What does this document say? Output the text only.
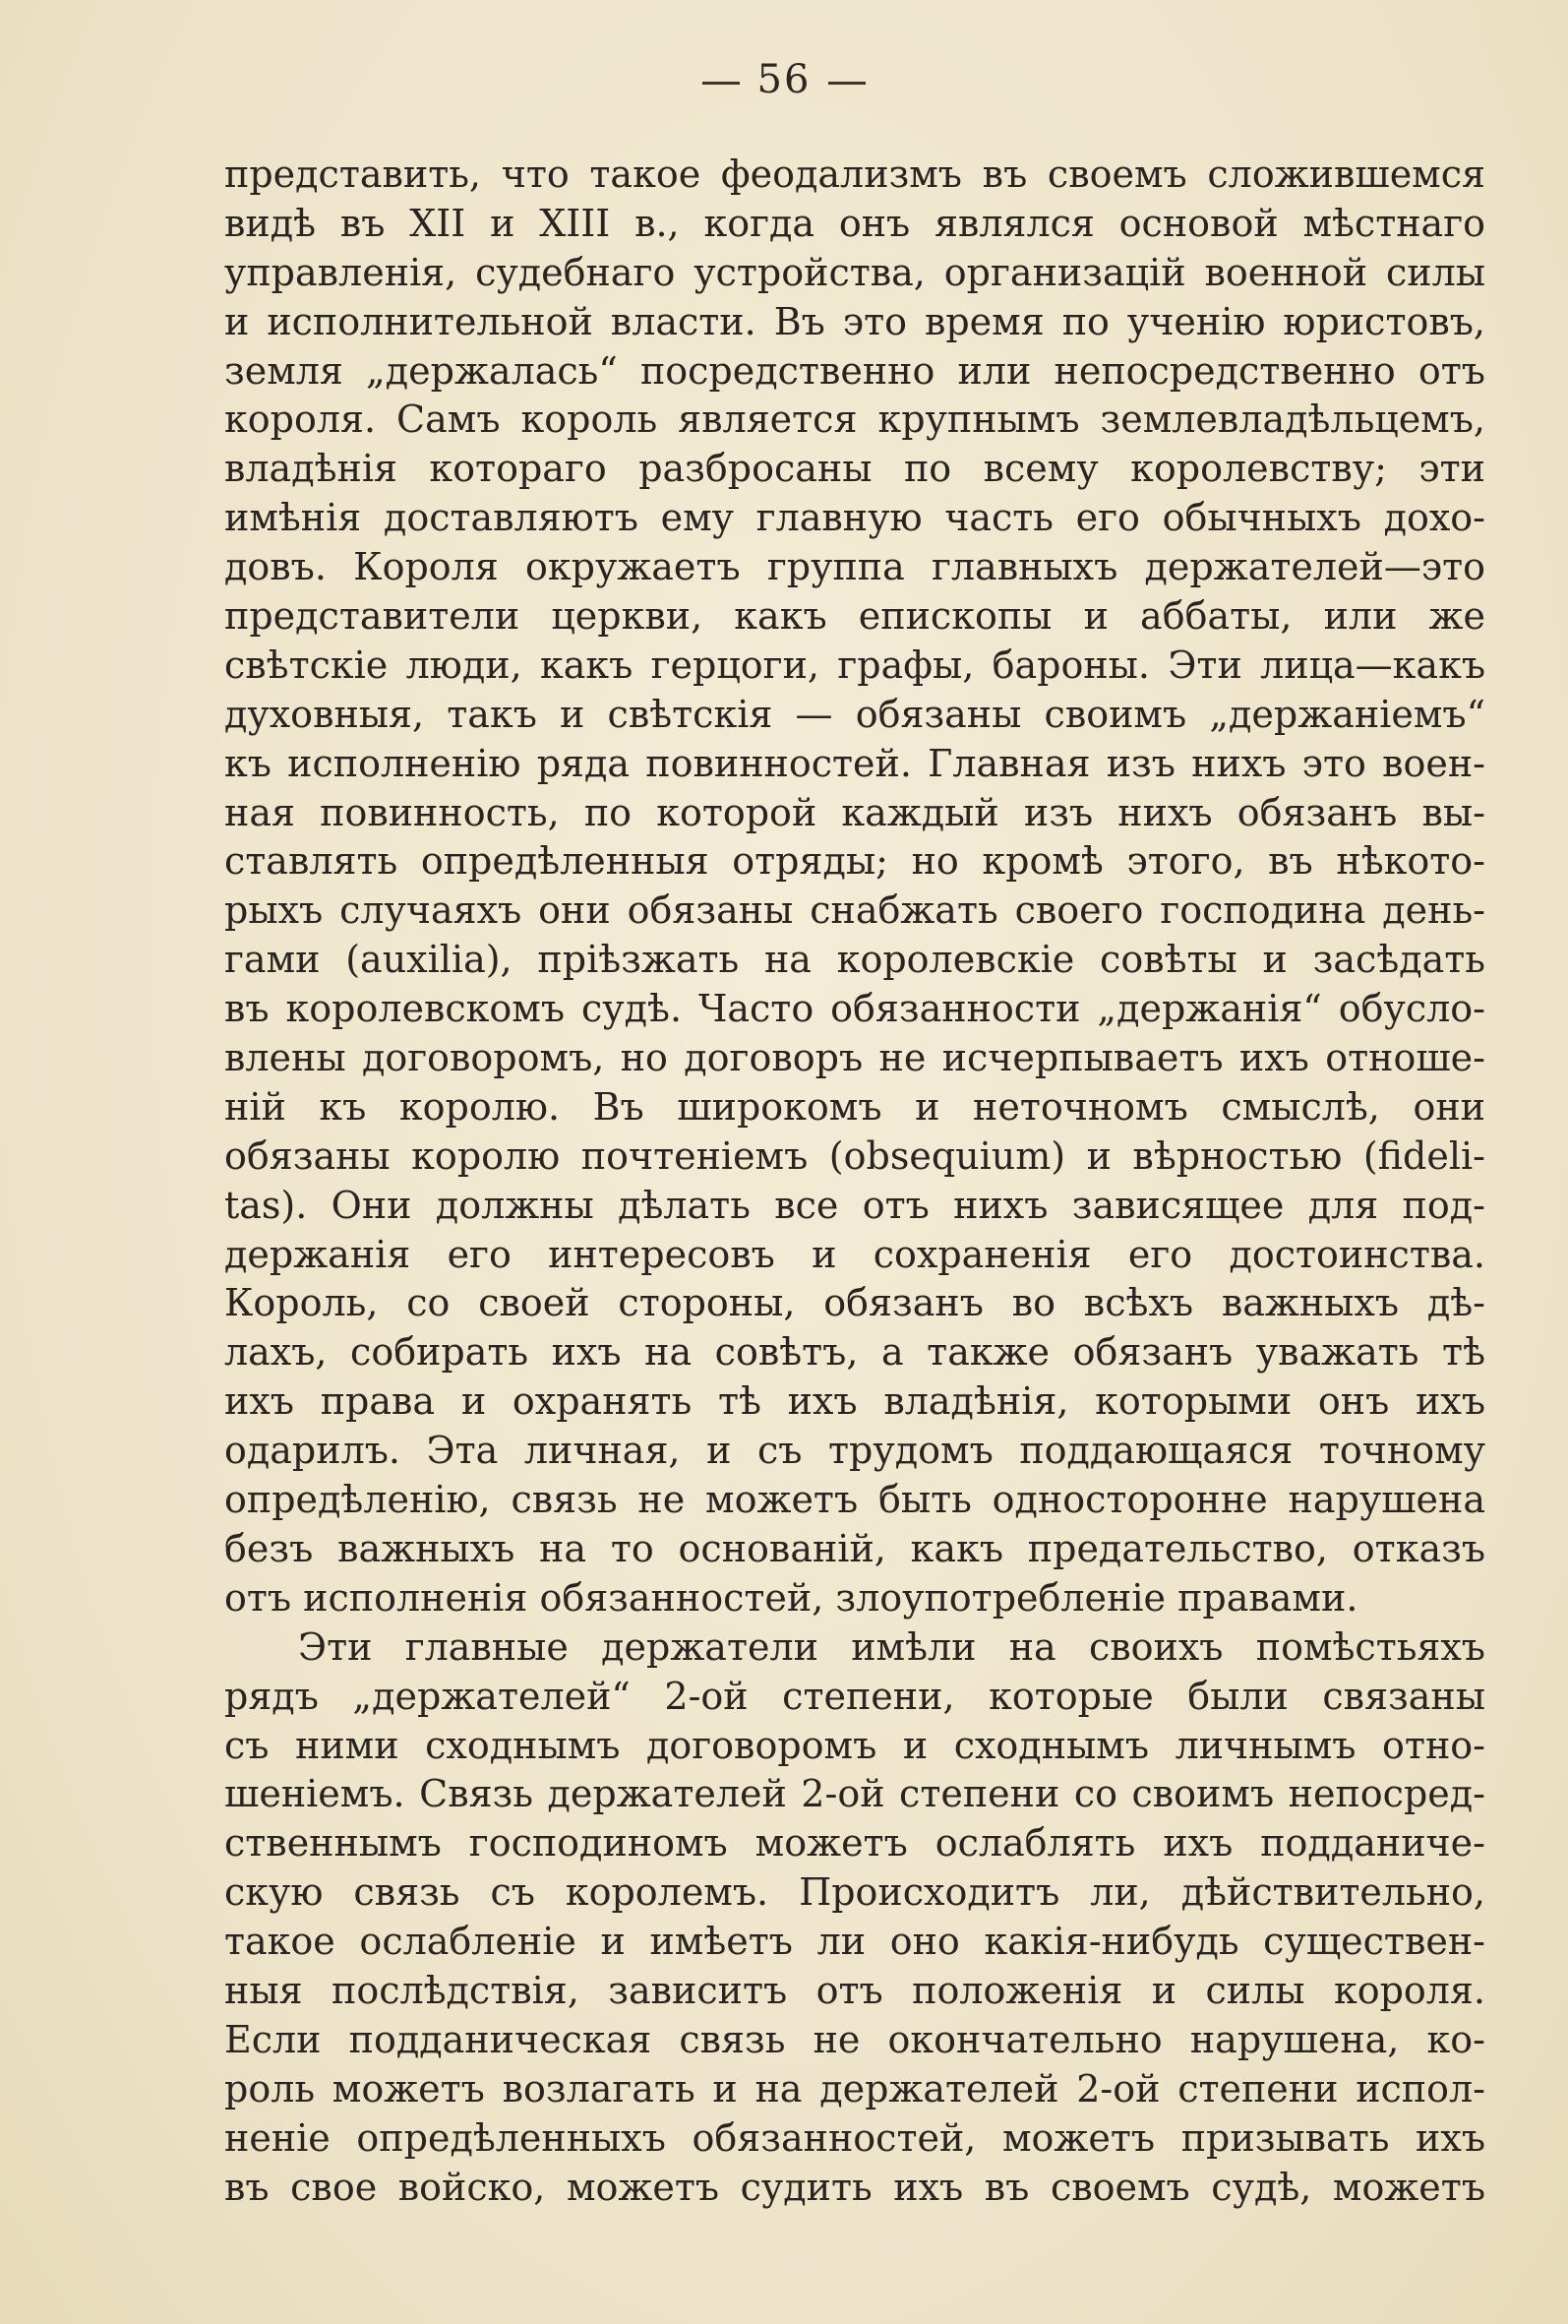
56
представить, что такое феодализмъ въ своемъ сложившемся
видѣ въ XII и XIII в., когда онъ являлся основой мѣстнаго
управленія, судебнаго устройства, организацій военной силы
и исполнительной власти. Въ это время по ученію юристовъ,
земля „держалась“ посредственно или непосредственно отъ
короля. Самъ король является крупнымъ землевладѣльцемъ,
владѣнія котораго разбросаны по всему королевству; эти
имѣнія доставляютъ ему главную часть его обычныхъ дохо-
довъ. Короля окружаетъ группа главныхъ держателей—это
представители церкви, какъ епископы и аббаты, или же
свѣтскіе люди, какъ герцоги, графы, бароны. Эти лица—какъ
духовныя, такъ и свѣтскія — обязаны своимъ „держаніемъ“
къ исполненію ряда повинностей. Главная изъ нихъ это воен-
ная повинность, по которой каждый изъ нихъ обязанъ вы-
ставлять опредѣленныя отряды; но кромѣ этого, въ нѣкото-
рыхъ случаяхъ они обязаны снабжать своего господина день-
гами (auxilia), пріѣзжать на королевскіе совѣты и засѣдать
въ королевскомъ судѣ. Часто обязанности „держанія“ обусло-
влены договоромъ, но договоръ не исчерпываетъ ихъ отноше-
ній къ королю. Въ широкомъ и неточномъ смыслѣ, они
обязаны королю почтеніемъ (obsequium) и вѣрностью (fideli-
tas). Они должны дѣлать все отъ нихъ зависящее для под-
держанія его интересовъ и сохраненія его достоинства.
Король, со своей стороны, обязанъ во всѣхъ важныхъ дѣ-
лахъ, собирать ихъ на совѣтъ, а также обязанъ уважать тѣ
ихъ права и охранять тѣ ихъ владѣнія, которыми онъ ихъ
одарилъ. Эта личная, и съ трудомъ поддающаяся точному
опредѣленію, связь не можетъ быть односторонне нарушена
безъ важныхъ на то основаній, какъ предательство, отказъ
отъ исполненія обязанностей, злоупотребленіе правами.
Эти главные держатели имѣли на своихъ помѣстьяхъ
рядъ „держателей“ 2-ой степени, которые были связаны
съ ними сходнымъ договоромъ и сходнымъ личнымъ отно-
шеніемъ. Связь держателей 2-ой степени со своимъ непосред-
ственнымъ господиномъ можетъ ослаблять ихъ подданиче-
скую связь съ королемъ. Происходитъ ли, дѣйствительно,
такое ослабленіе и имѣетъ ли оно какія-нибудь существен-
ныя послѣдствія, зависитъ отъ положенія и силы короля.
Если подданическая связь не окончательно нарушена, ко-
роль можетъ возлагать и на держателей 2-ой степени испол-
неніе опредѣленныхъ обязанностей, можетъ призывать ихъ
въ свое войско, можетъ судить ихъ въ своемъ судѣ, можетъ
